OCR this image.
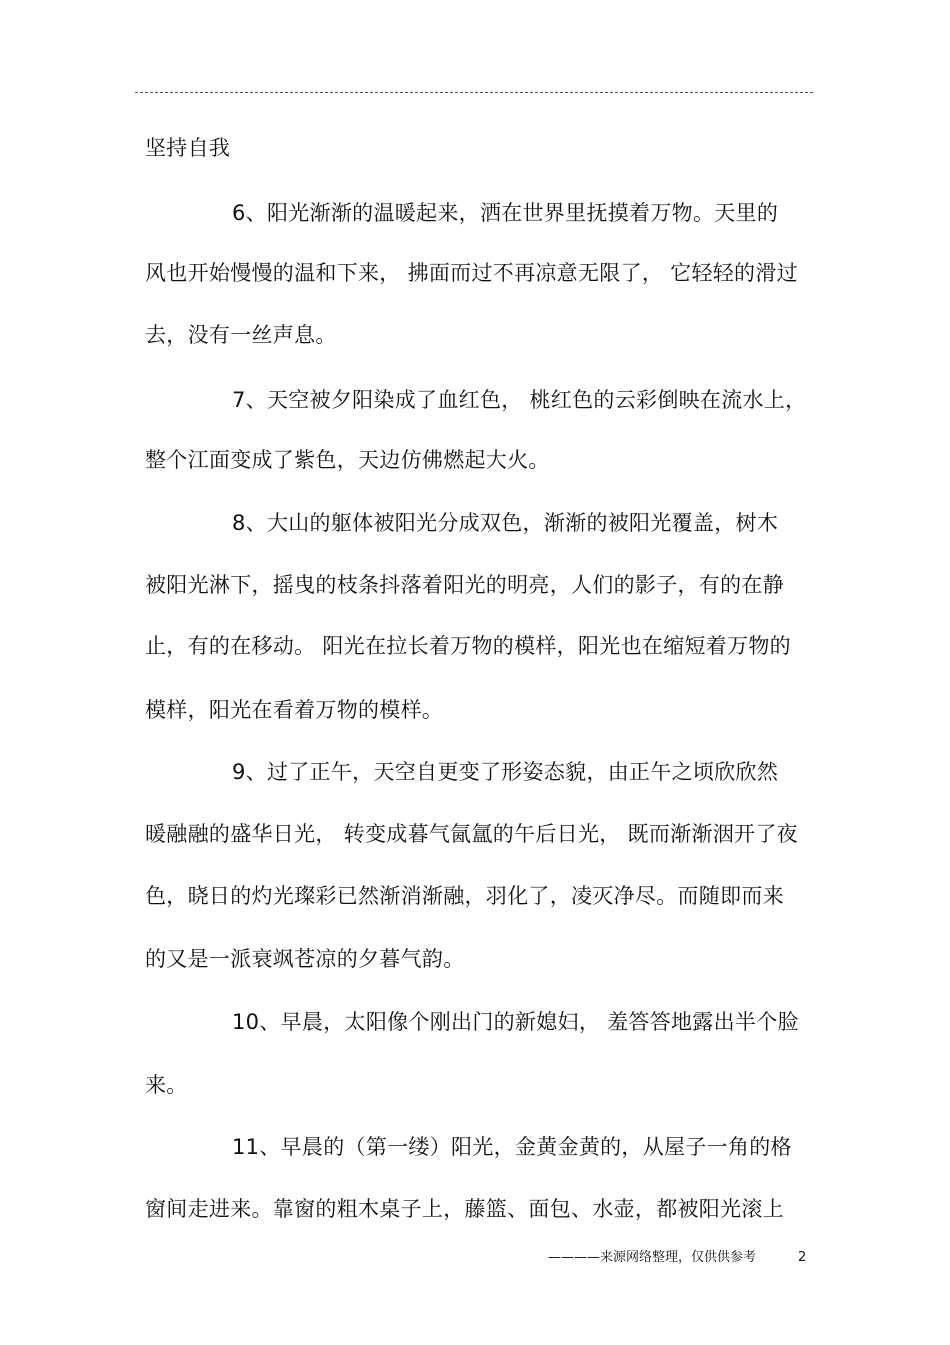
坚持自我
6、阳光渐渐的温暖起来，洒在世界里抚摸着万物。天里的
风也开始慢慢的温和下来， 拂面而过不再凉意无限了， 它轻轻的滑过
去，没有一丝声息。
7、天空被夕阳染成了血红色， 桃红色的云彩倒映在流水上，
整个江面变成了紫色，天边仿佛燃起大火。
8、大山的躯体被阳光分成双色，渐渐的被阳光覆盖，树木
被阳光淋下，摇曳的枝条抖落着阳光的明亮，人们的影子，有的在静
止，有的在移动。 阳光在拉长着万物的模样，阳光也在缩短着万物的
模样，阳光在看着万物的模样。
9、过了正午，天空自更变了形姿态貌，由正午之顷欣欣然
暖融融的盛华日光， 转变成暮气氤氲的午后日光， 既而渐渐洇开了夜
色，晓日的灼光璨彩已然渐消渐融，羽化了，凌灭净尽。而随即而来
的又是一派衰飒苍凉的夕暮气韵。
10、早晨，太阳像个刚出门的新媳妇， 羞答答地露出半个脸
来。
11、早晨的（第一缕）阳光，金黄金黄的，从屋子一角的格
窗间走进来。靠窗的粗木桌子上，藤篮、面包、水壶，都被阳光滚上
————来源网络整理，仅供供参考	2
